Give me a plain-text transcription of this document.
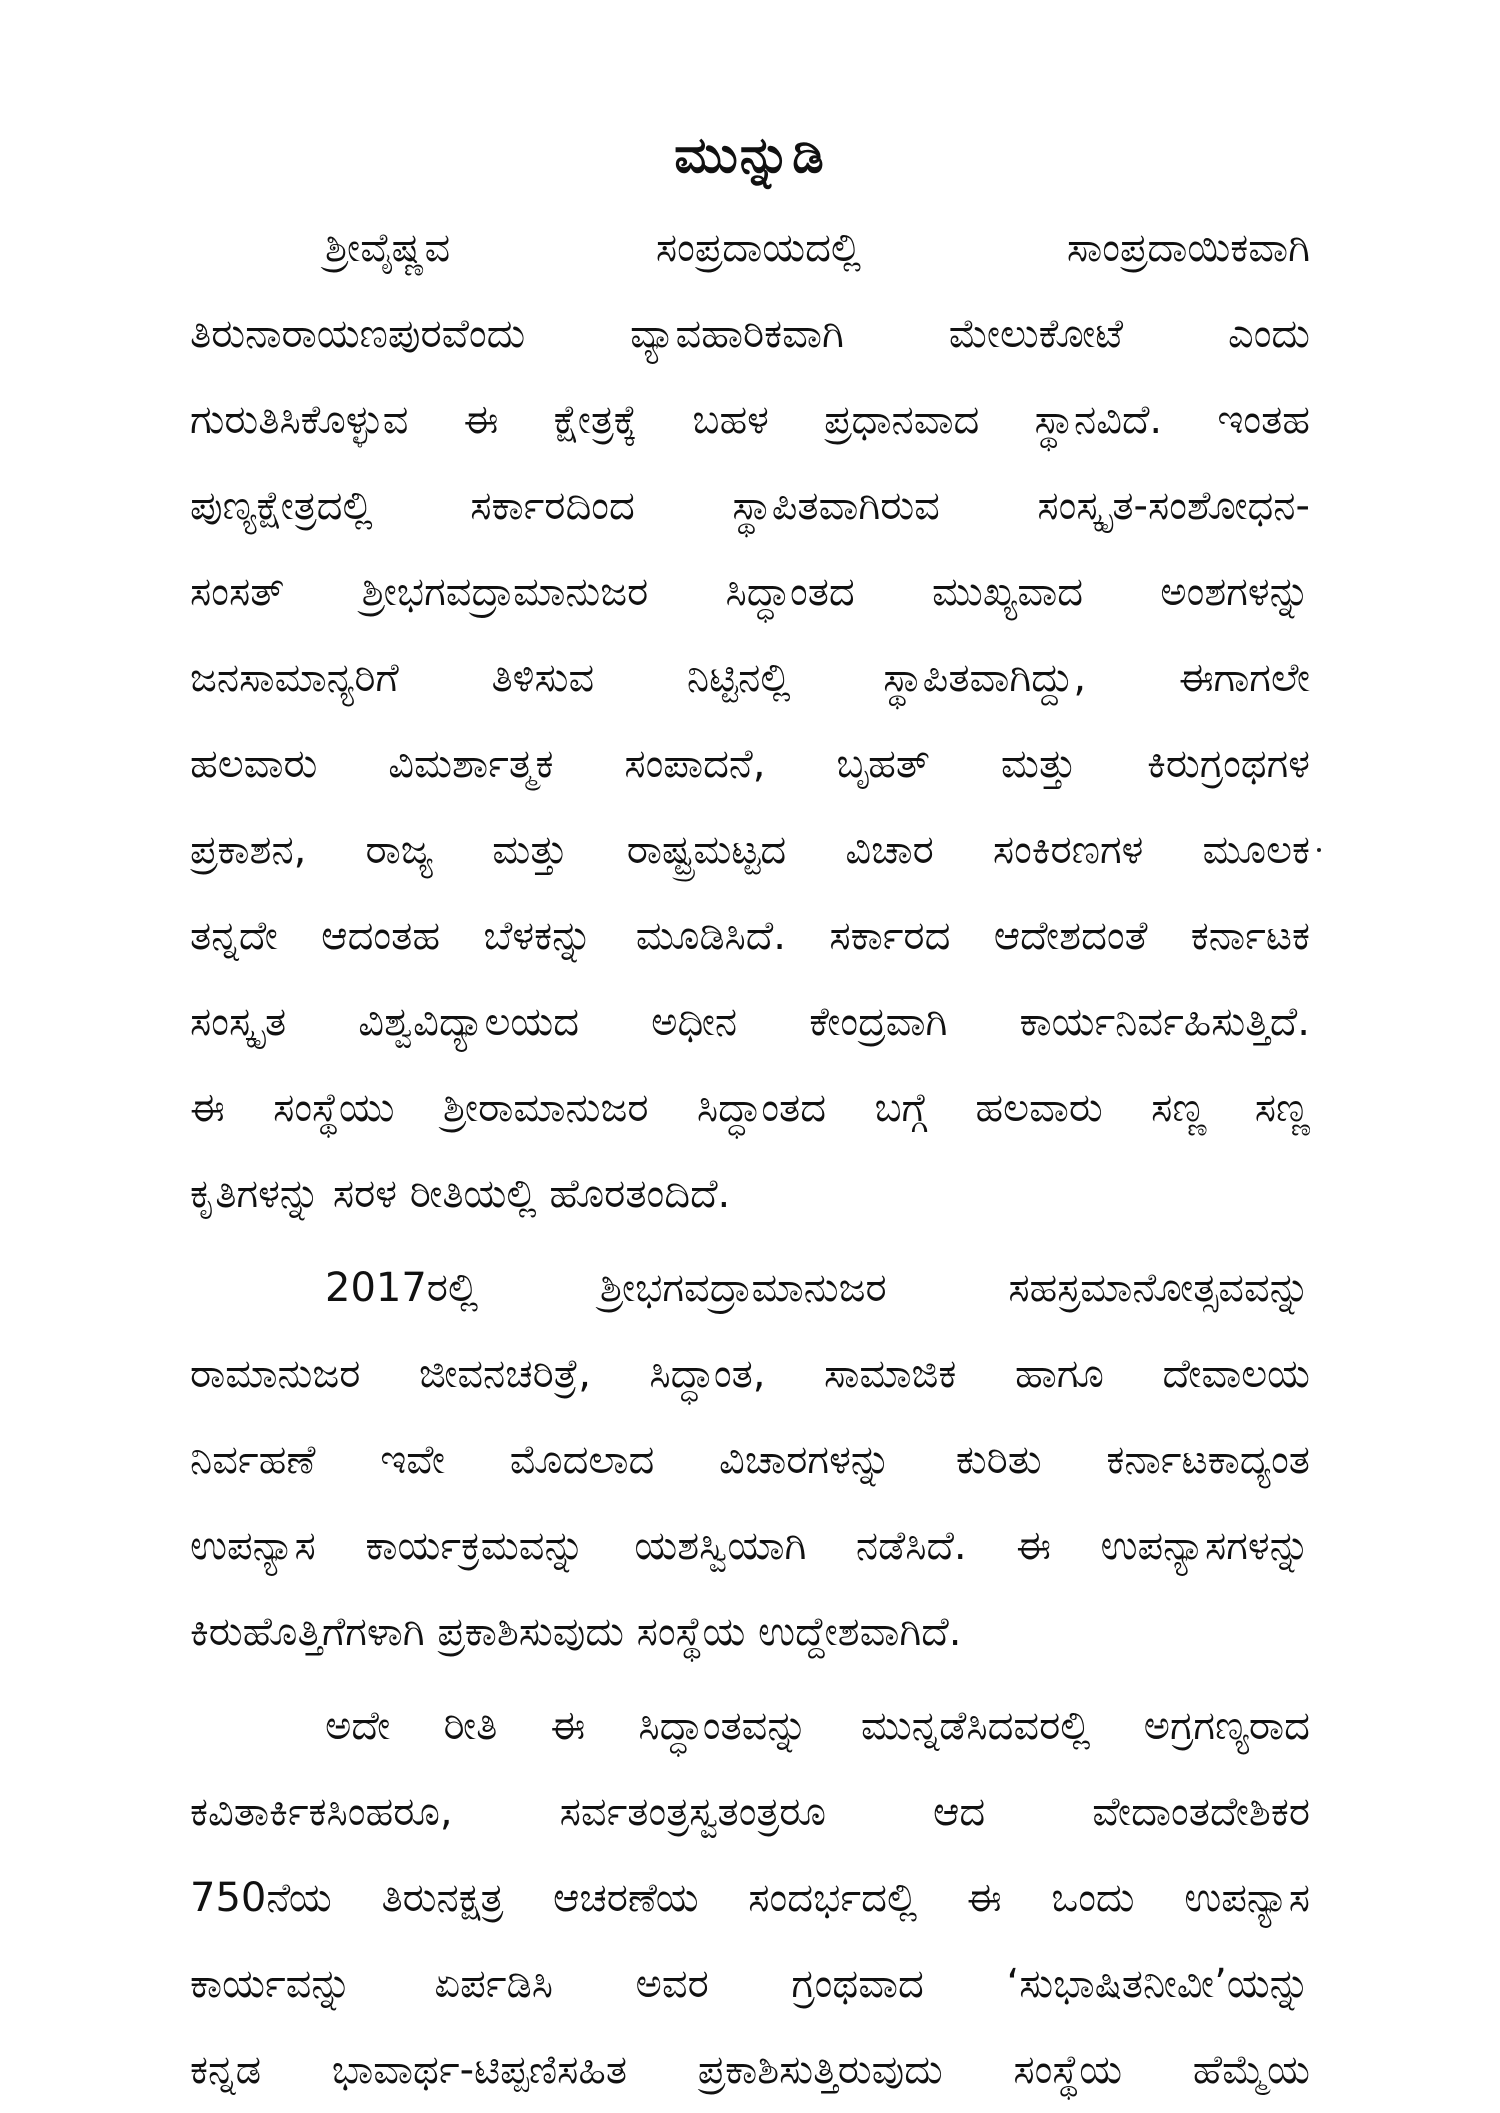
ಮುನ್ನುಡಿ
ಶ್ರೀವೈಷ್ಣವ ಸಂಪ್ರದಾಯದಲ್ಲಿ ಸಾಂಪ್ರದಾಯಿಕವಾಗಿ
ತಿರುನಾರಾಯಣಪುರವೆಂದು ವ್ಯಾವಹಾರಿಕವಾಗಿ ಮೇಲುಕೋಟೆ ಎಂದು
ಗುರುತಿಸಿಕೊಳ್ಳುವ ಈ ಕ್ಷೇತ್ರಕ್ಕೆ ಬಹಳ ಪ್ರಧಾನವಾದ ಸ್ಥಾನವಿದೆ. ಇಂತಹ
ಪುಣ್ಯಕ್ಷೇತ್ರದಲ್ಲಿ ಸರ್ಕಾರದಿಂದ ಸ್ಥಾಪಿತವಾಗಿರುವ ಸಂಸ್ಕೃತ-ಸಂಶೋಧನ-
ಸಂಸತ್ ಶ್ರೀಭಗವದ್ರಾಮಾನುಜರ ಸಿದ್ಧಾಂತದ ಮುಖ್ಯವಾದ ಅಂಶಗಳನ್ನು
ಜನಸಾಮಾನ್ಯರಿಗೆ ತಿಳಿಸುವ ನಿಟ್ಟಿನಲ್ಲಿ ಸ್ಥಾಪಿತವಾಗಿದ್ದು, ಈಗಾಗಲೇ
ಹಲವಾರು ವಿಮರ್ಶಾತ್ಮಕ ಸಂಪಾದನೆ, ಬೃಹತ್ ಮತ್ತು ಕಿರುಗ್ರಂಥಗಳ
ಪ್ರಕಾಶನ, ರಾಜ್ಯ ಮತ್ತು ರಾಷ್ಟ್ರಮಟ್ಟದ ವಿಚಾರ ಸಂಕಿರಣಗಳ ಮೂಲಕ
ತನ್ನದೇ ಆದಂತಹ ಬೆಳಕನ್ನು ಮೂಡಿಸಿದೆ. ಸರ್ಕಾರದ ಆದೇಶದಂತೆ ಕರ್ನಾಟಕ
ಸಂಸ್ಕೃತ ವಿಶ್ವವಿದ್ಯಾಲಯದ ಅಧೀನ ಕೇಂದ್ರವಾಗಿ ಕಾರ್ಯನಿರ್ವಹಿಸುತ್ತಿದೆ.
ಈ ಸಂಸ್ಥೆಯು ಶ್ರೀರಾಮಾನುಜರ ಸಿದ್ಧಾಂತದ ಬಗ್ಗೆ ಹಲವಾರು ಸಣ್ಣ ಸಣ್ಣ
ಕೃತಿಗಳನ್ನು ಸರಳ ರೀತಿಯಲ್ಲಿ ಹೊರತಂದಿದೆ.
2017ರಲ್ಲಿ ಶ್ರೀಭಗವದ್ರಾಮಾನುಜರ ಸಹಸ್ರಮಾನೋತ್ಸವವನ್ನು
ರಾಮಾನುಜರ ಜೀವನಚರಿತ್ರೆ, ಸಿದ್ಧಾಂತ, ಸಾಮಾಜಿಕ ಹಾಗೂ ದೇವಾಲಯ
ನಿರ್ವಹಣೆ ಇವೇ ಮೊದಲಾದ ವಿಚಾರಗಳನ್ನು ಕುರಿತು ಕರ್ನಾಟಕಾದ್ಯಂತ
ಉಪನ್ಯಾಸ ಕಾರ್ಯಕ್ರಮವನ್ನು ಯಶಸ್ವಿಯಾಗಿ ನಡೆಸಿದೆ. ಈ ಉಪನ್ಯಾಸಗಳನ್ನು
ಕಿರುಹೊತ್ತಿಗೆಗಳಾಗಿ ಪ್ರಕಾಶಿಸುವುದು ಸಂಸ್ಥೆಯ ಉದ್ದೇಶವಾಗಿದೆ.
ಅದೇ ರೀತಿ ಈ ಸಿದ್ಧಾಂತವನ್ನು ಮುನ್ನಡೆಸಿದವರಲ್ಲಿ ಅಗ್ರಗಣ್ಯರಾದ
ಕವಿತಾರ್ಕಿಕಸಿಂಹರೂ, ಸರ್ವತಂತ್ರಸ್ವತಂತ್ರರೂ ಆದ ವೇದಾಂತದೇಶಿಕರ
750ನೆಯ ತಿರುನಕ್ಷತ್ರ ಆಚರಣೆಯ ಸಂದರ್ಭದಲ್ಲಿ ಈ ಒಂದು ಉಪನ್ಯಾಸ
ಕಾರ್ಯವನ್ನು ಏರ್ಪಡಿಸಿ ಅವರ ಗ್ರಂಥವಾದ ‘ಸುಭಾಷಿತನೀವೀ’ಯನ್ನು
ಕನ್ನಡ ಭಾವಾರ್ಥ-ಟಿಪ್ಪಣಿಸಹಿತ ಪ್ರಕಾಶಿಸುತ್ತಿರುವುದು ಸಂಸ್ಥೆಯ ಹೆಮ್ಮೆಯ
